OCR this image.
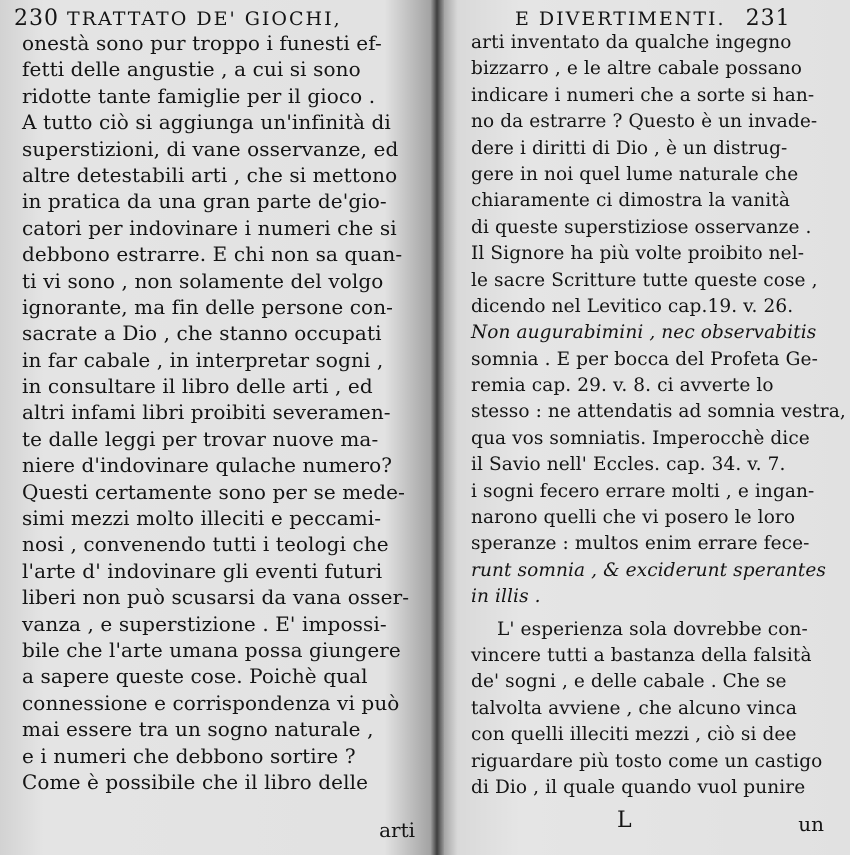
230 TRATTATO DE' GIOCHI,
onestà sono pur troppo i funesti ef-
fetti delle angustie , a cui si sono
ridotte tante famiglie per il gioco .
A tutto ciò si aggiunga un'infinità di
superstizioni, di vane osservanze, ed
altre detestabili arti , che si mettono
in pratica da una gran parte de'gio-
catori per indovinare i numeri che si
debbono estrarre. E chi non sa quan-
ti vi sono , non solamente del volgo
ignorante, ma fin delle persone con-
sacrate a Dio , che stanno occupati
in far cabale , in interpretar sogni ,
in consultare il libro delle arti , ed
altri infami libri proibiti severamen-
te dalle leggi per trovar nuove ma-
niere d'indovinare qulache numero?
Questi certamente sono per se mede-
simi mezzi molto illeciti e peccami-
nosi , convenendo tutti i teologi che
l'arte d' indovinare gli eventi futuri
liberi non può scusarsi da vana osser-
vanza , e superstizione . E' impossi-
bile che l'arte umana possa giungere
a sapere queste cose. Poichè qual
connessione e corrispondenza vi può
mai essere tra un sogno naturale ,
e i numeri che debbono sortire ?
Come è possibile che il libro delle
arti
E DIVERTIMENTI. 231
arti inventato da qualche ingegno
bizzarro , e le altre cabale possano
indicare i numeri che a sorte si han-
no da estrarre ? Questo è un invade-
dere i diritti di Dio , è un distrug-
gere in noi quel lume naturale che
chiaramente ci dimostra la vanità
di queste superstiziose osservanze .
Il Signore ha più volte proibito nel-
le sacre Scritture tutte queste cose ,
dicendo nel Levitico cap.19. v. 26.
Non augurabimini , nec observabitis
somnia . E per bocca del Profeta Ge-
remia cap. 29. v. 8. ci avverte lo
stesso : ne attendatis ad somnia vestra,
qua vos somniatis. Imperocchè dice
il Savio nell' Eccles. cap. 34. v. 7.
i sogni fecero errare molti , e ingan-
narono quelli che vi posero le loro
speranze : multos enim errare fece-
runt somnia , & exciderunt sperantes
in illis .
L' esperienza sola dovrebbe con-
vincere tutti a bastanza della falsità
de' sogni , e delle cabale . Che se
talvolta avviene , che alcuno vinca
con quelli illeciti mezzi , ciò si dee
riguardare più tosto come un castigo
di Dio , il quale quando vuol punire
L	un
